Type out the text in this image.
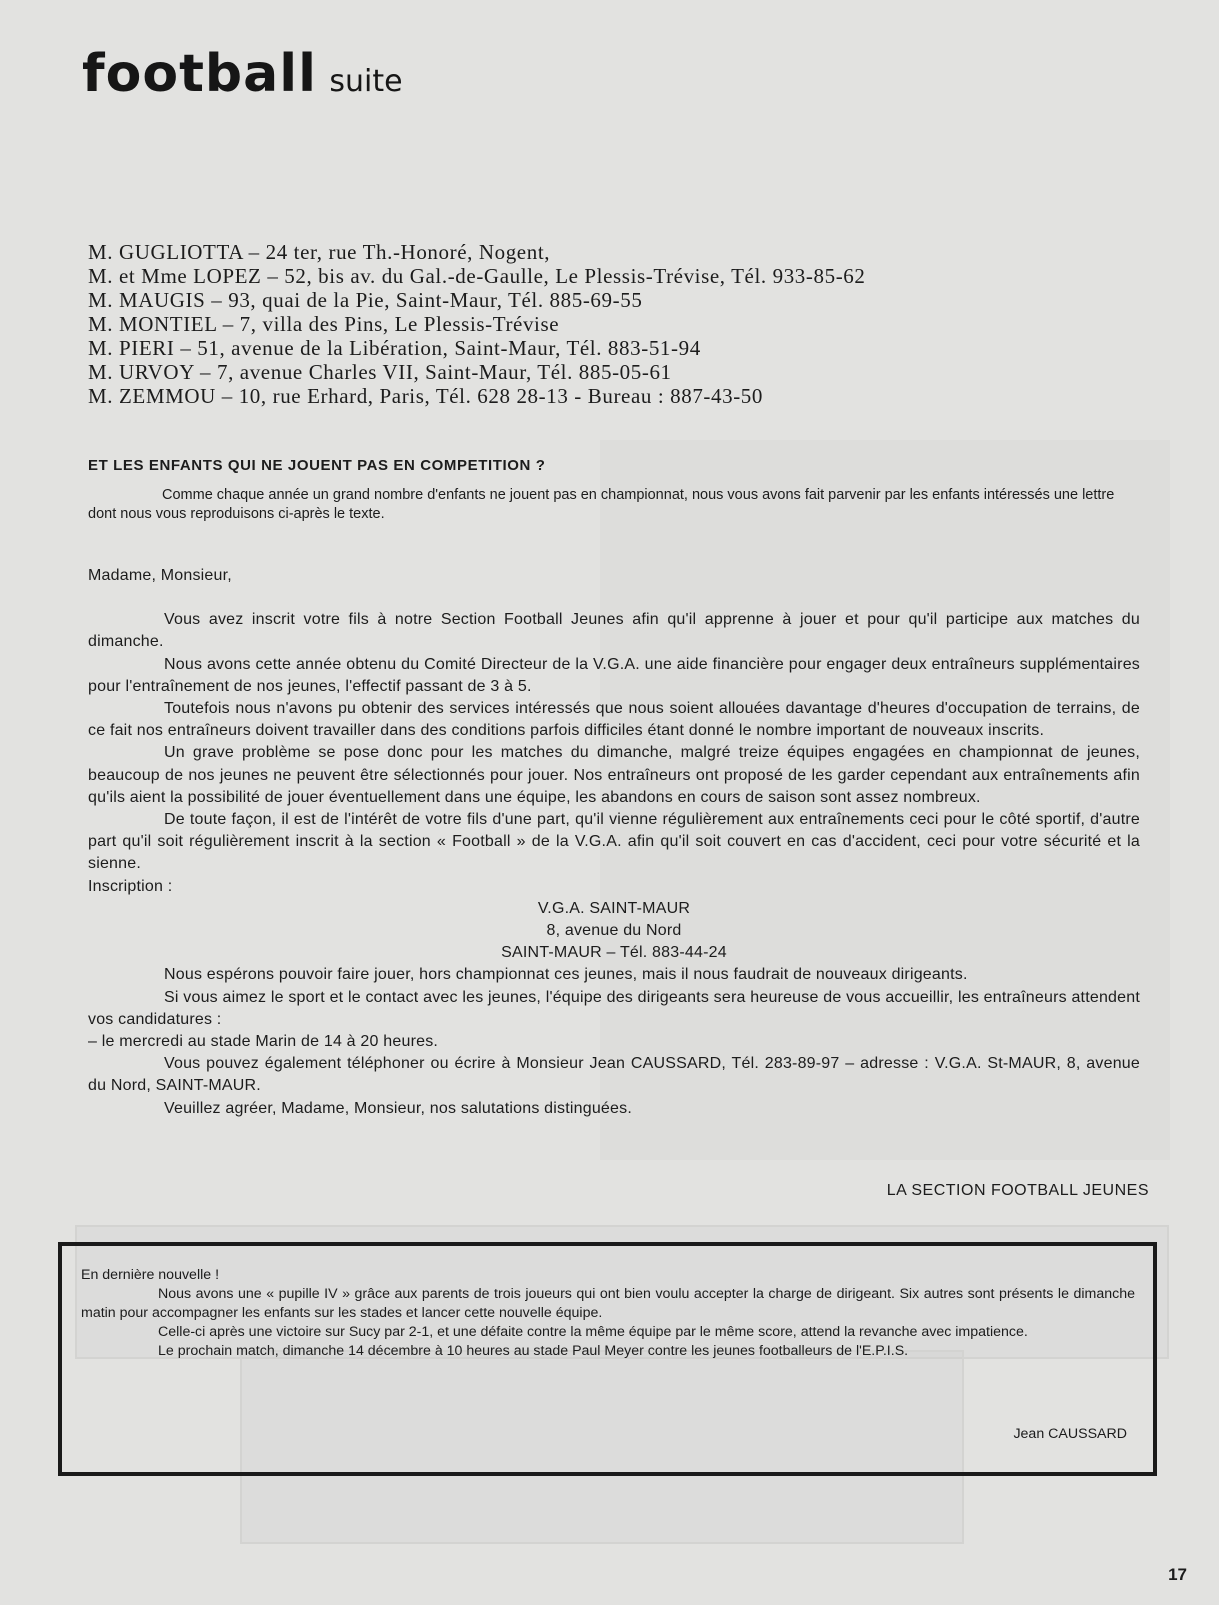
football suite
M. GUGLIOTTA – 24 ter, rue Th.-Honoré, Nogent,
M. et Mme LOPEZ – 52, bis av. du Gal.-de-Gaulle, Le Plessis-Trévise, Tél. 933-85-62
M. MAUGIS – 93, quai de la Pie, Saint-Maur, Tél. 885-69-55
M. MONTIEL – 7, villa des Pins, Le Plessis-Trévise
M. PIERI – 51, avenue de la Libération, Saint-Maur, Tél. 883-51-94
M. URVOY – 7, avenue Charles VII, Saint-Maur, Tél. 885-05-61
M. ZEMMOU – 10, rue Erhard, Paris, Tél. 628 28-13 - Bureau : 887-43-50
ET LES ENFANTS QUI NE JOUENT PAS EN COMPETITION ?
Comme chaque année un grand nombre d'enfants ne jouent pas en championnat, nous vous avons fait parvenir par les enfants intéressés une lettre dont nous vous reproduisons ci-après le texte.

Madame, Monsieur,

Vous avez inscrit votre fils à notre Section Football Jeunes afin qu'il apprenne à jouer et pour qu'il participe aux matches du dimanche.

Nous avons cette année obtenu du Comité Directeur de la V.G.A. une aide financière pour engager deux entraîneurs supplémentaires pour l'entraînement de nos jeunes, l'effectif passant de 3 à 5.

Toutefois nous n'avons pu obtenir des services intéressés que nous soient allouées davantage d'heures d'occupation de terrains, de ce fait nos entraîneurs doivent travailler dans des conditions parfois difficiles étant donné le nombre important de nouveaux inscrits.

Un grave problème se pose donc pour les matches du dimanche, malgré treize équipes engagées en championnat de jeunes, beaucoup de nos jeunes ne peuvent être sélectionnés pour jouer. Nos entraîneurs ont proposé de les garder cependant aux entraînements afin qu'ils aient la possibilité de jouer éventuellement dans une équipe, les abandons en cours de saison sont assez nombreux.

De toute façon, il est de l'intérêt de votre fils d'une part, qu'il vienne régulièrement aux entraînements ceci pour le côté sportif, d'autre part qu'il soit régulièrement inscrit à la section « Football » de la V.G.A. afin qu'il soit couvert en cas d'accident, ceci pour votre sécurité et la sienne.

Inscription :

V.G.A. SAINT-MAUR

8, avenue du Nord

SAINT-MAUR – Tél. 883-44-24

Nous espérons pouvoir faire jouer, hors championnat ces jeunes, mais il nous faudrait de nouveaux dirigeants.

Si vous aimez le sport et le contact avec les jeunes, l'équipe des dirigeants sera heureuse de vous accueillir, les entraîneurs attendent vos candidatures :

– le mercredi au stade Marin de 14 à 20 heures.

Vous pouvez également téléphoner ou écrire à Monsieur Jean CAUSSARD, Tél. 283-89-97 – adresse : V.G.A. St-MAUR, 8, avenue du Nord, SAINT-MAUR.

Veuillez agréer, Madame, Monsieur, nos salutations distinguées.

LA SECTION FOOTBALL JEUNES

En dernière nouvelle !

Nous avons une « pupille IV » grâce aux parents de trois joueurs qui ont bien voulu accepter la charge de dirigeant. Six autres sont présents le dimanche matin pour accompagner les enfants sur les stades et lancer cette nouvelle équipe.

Celle-ci après une victoire sur Sucy par 2-1, et une défaite contre la même équipe par le même score, attend la revanche avec impatience.

Le prochain match, dimanche 14 décembre à 10 heures au stade Paul Meyer contre les jeunes footballeurs de l'E.P.I.S.

Jean CAUSSARD
17
